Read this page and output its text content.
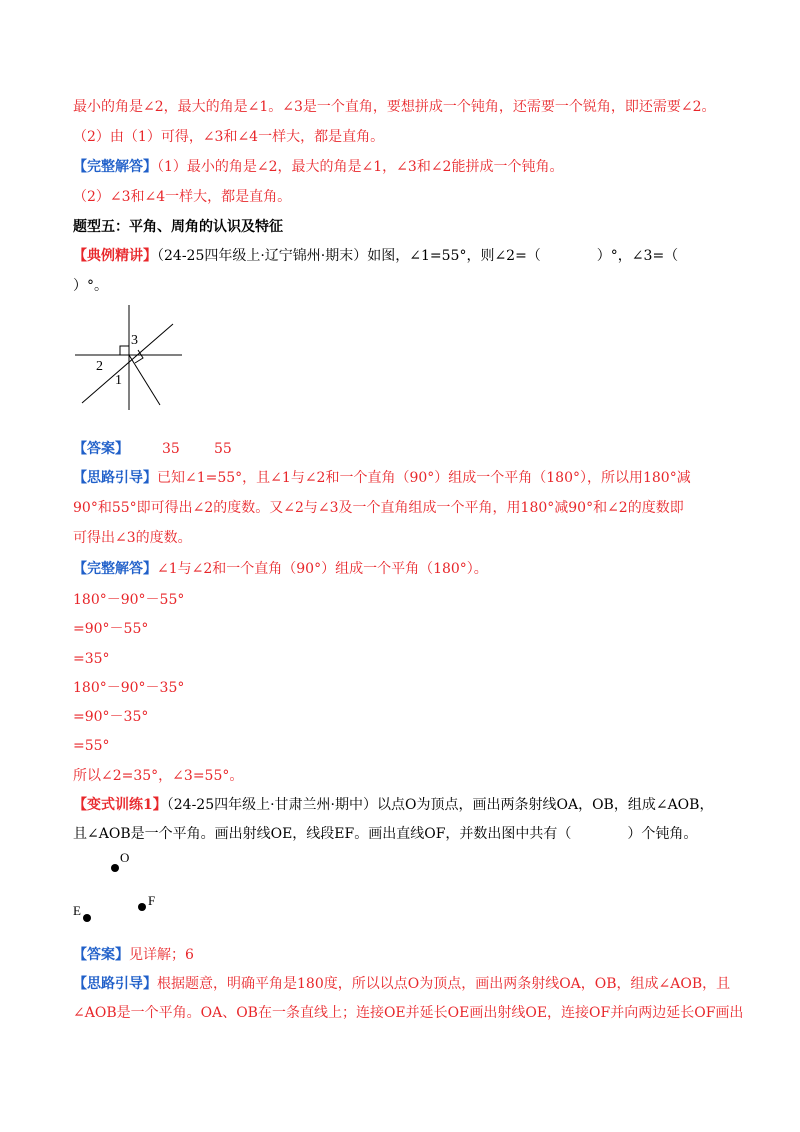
最小的角是∠2，最大的角是∠1。∠3是一个直角，要想拼成一个钝角，还需要一个锐角，即还需要∠2。
（2）由（1）可得，∠3和∠4一样大，都是直角。
【完整解答】（1）最小的角是∠2，最大的角是∠1，∠3和∠2能拼成一个钝角。
（2）∠3和∠4一样大，都是直角。
题型五：平角、周角的认识及特征
【典例精讲】（24-25四年级上·辽宁锦州·期末）如图，∠1=55°，则∠2=（　　　　）°，∠3=（
）°。
3
2
1
【答案】 35 55
【思路引导】已知∠1=55°，且∠1与∠2和一个直角（90°）组成一个平角（180°），所以用180°减
90°和55°即可得出∠2的度数。又∠2与∠3及一个直角组成一个平角，用180°减90°和∠2的度数即
可得出∠3的度数。
【完整解答】∠1与∠2和一个直角（90°）组成一个平角（180°）。
180°－90°－55°
=90°－55°
=35°
180°－90°－35°
=90°－35°
=55°
所以∠2=35°，∠3=55°。
【变式训练1】（24-25四年级上·甘肃兰州·期中）以点O为顶点，画出两条射线OA，OB，组成∠AOB，
且∠AOB是一个平角。画出射线OE，线段EF。画出直线OF，并数出图中共有（　　　　）个钝角。
O
F
E
【答案】见详解；6
【思路引导】根据题意，明确平角是180度，所以以点O为顶点，画出两条射线OA，OB，组成∠AOB，且
∠AOB是一个平角。OA、OB在一条直线上；连接OE并延长OE画出射线OE，连接OF并向两边延长OF画出
